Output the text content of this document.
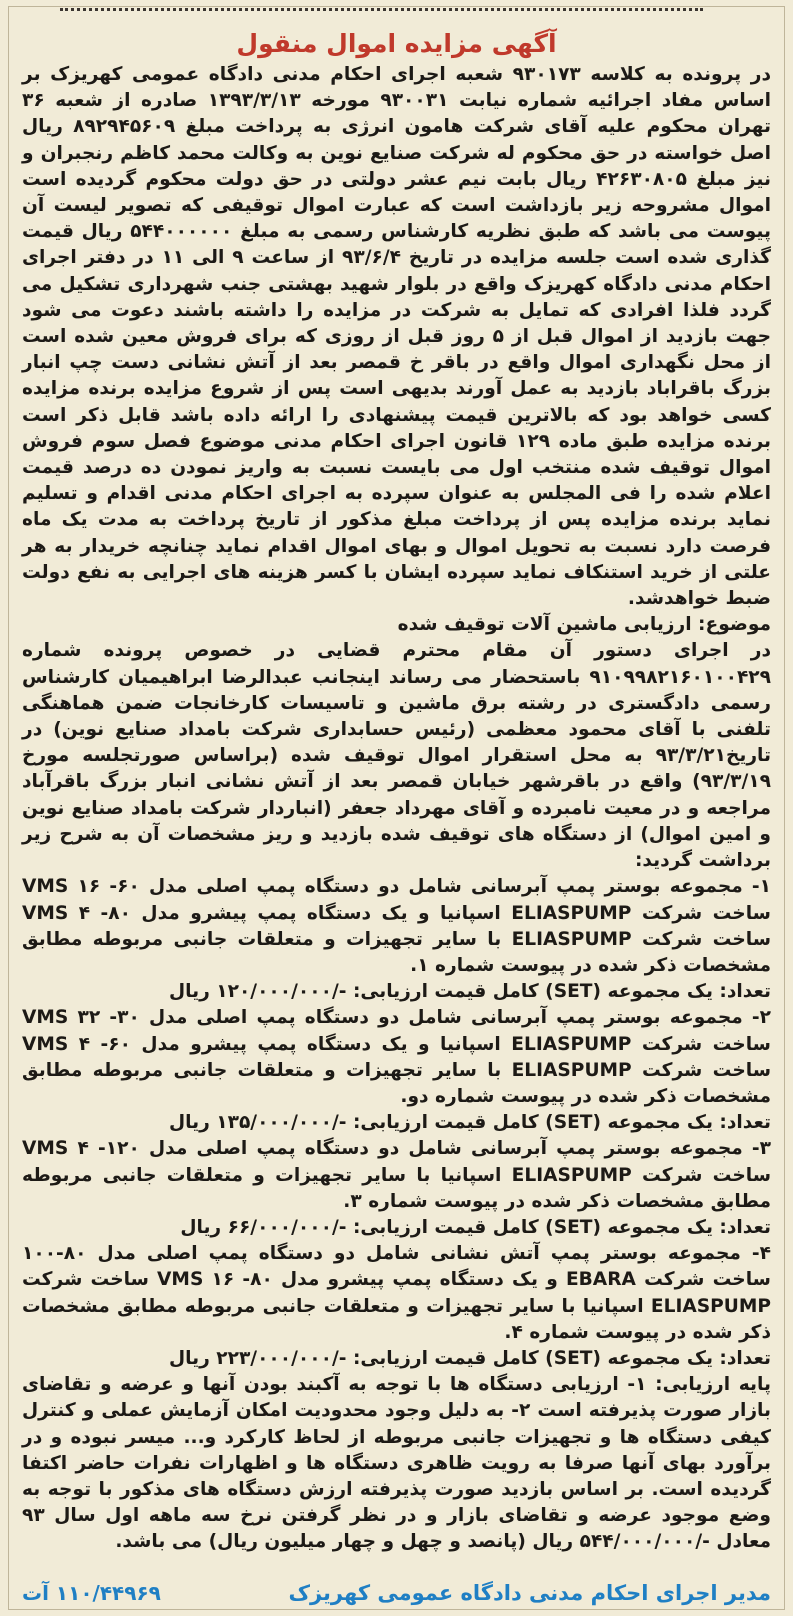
آگهی مزایده اموال منقول

در پرونده به کلاسه ۹۳۰۱۷۳ شعبه اجرای احکام مدنی دادگاه عمومی کهریزک بر اساس مفاد اجرائیه شماره نیابت ۹۳۰۰۳۱ مورخه ۱۳۹۳/۳/۱۳ صادره از شعبه ۳۶ تهران محکوم علیه آقای شرکت هامون انرژی به پرداخت مبلغ ۸۹۲۹۴۵۶۰۹ ریال اصل خواسته در حق محکوم له شرکت صنایع نوین به وکالت محمد کاظم رنجبران و نیز مبلغ ۴۲۶۳۰۸۰۵ ریال بابت نیم عشر دولتی در حق دولت محکوم گردیده است اموال مشروحه زیر بازداشت است که عبارت اموال توقیفی که تصویر لیست آن پیوست می باشد که طبق نظریه کارشناس رسمی به مبلغ ۵۴۴۰۰۰۰۰۰ ریال قیمت گذاری شده است جلسه مزایده در تاریخ ۹۳/۶/۴ از ساعت ۹ الی ۱۱ در دفتر اجرای احکام مدنی دادگاه کهریزک واقع در بلوار شهید بهشتی جنب شهرداری تشکیل می گردد فلذا افرادی که تمایل به شرکت در مزایده را داشته باشند دعوت می شود جهت بازدید از اموال قبل از ۵ روز قبل از روزی که برای فروش معین شده است از محل نگهداری اموال واقع در باقر خ قمصر بعد از آتش نشانی دست چپ انبار بزرگ باقراباد بازدید به عمل آورند بدیهی است پس از شروع مزایده برنده مزایده کسی خواهد بود که بالاترین قیمت پیشنهادی را ارائه داده باشد قابل ذکر است برنده مزایده طبق ماده ۱۲۹ قانون اجرای احکام مدنی موضوع فصل سوم فروش اموال توقیف شده منتخب اول می بایست نسبت به واریز نمودن ده درصد قیمت اعلام شده را فی المجلس به عنوان سپرده به اجرای احکام مدنی اقدام و تسلیم نماید برنده مزایده پس از پرداخت مبلغ مذکور از تاریخ پرداخت به مدت یک ماه فرصت دارد نسبت به تحویل اموال و بهای اموال اقدام نماید چنانچه خریدار به هر علتی از خرید استنکاف نماید سپرده ایشان با کسر هزینه های اجرایی به نفع دولت ضبط خواهدشد.

موضوع: ارزیابی ماشین آلات توقیف شده

در اجرای دستور آن مقام محترم قضایی در خصوص پرونده شماره ۹۱۰۹۹۸۲۱۶۰۱۰۰۴۲۹ باستحضار می رساند اینجانب عبدالرضا ابراهیمیان کارشناس رسمی دادگستری در رشته برق ماشین و تاسیسات کارخانجات ضمن هماهنگی تلفنی با آقای محمود معظمی (رئیس حسابداری شرکت بامداد صنایع نوین) در تاریخ۹۳/۳/۲۱ به محل استقرار اموال توقیف شده (براساس صورتجلسه مورخ ۹۳/۳/۱۹) واقع در باقرشهر خیابان قمصر بعد از آتش نشانی انبار بزرگ باقرآباد مراجعه و در معیت نامبرده و آقای مهرداد جعفر (انباردار شرکت بامداد صنایع نوین و امین اموال) از دستگاه های توقیف شده بازدید و ریز مشخصات آن به شرح زیر برداشت گردید:

۱- مجموعه بوستر پمپ آبرسانی شامل دو دستگاه پمپ اصلی مدل ۶۰- ۱۶ VMS ساخت شرکت ELIASPUMP اسپانیا و یک دستگاه پمپ پیشرو مدل ۸۰- ۴ VMS ساخت شرکت ELIASPUMP با سایر تجهیزات و متعلقات جانبی مربوطه مطابق مشخصات ذکر شده در پیوست شماره ۱.

تعداد: یک مجموعه (SET) کامل قیمت ارزیابی: -/۱۲۰/۰۰۰/۰۰۰ ریال

۲- مجموعه بوستر پمپ آبرسانی شامل دو دستگاه پمپ اصلی مدل ۳۰- ۳۲ VMS ساخت شرکت ELIASPUMP اسپانیا و یک دستگاه پمپ پیشرو مدل ۶۰- ۴ VMS ساخت شرکت ELIASPUMP با سایر تجهیزات و متعلقات جانبی مربوطه مطابق مشخصات ذکر شده در پیوست شماره دو.

تعداد: یک مجموعه (SET) کامل قیمت ارزیابی: -/۱۳۵/۰۰۰/۰۰۰ ریال

۳- مجموعه بوستر پمپ آبرسانی شامل دو دستگاه پمپ اصلی مدل ۱۲۰- ۴ VMS ساخت شرکت ELIASPUMP اسپانیا با سایر تجهیزات و متعلقات جانبی مربوطه مطابق مشخصات ذکر شده در پیوست شماره ۳.

تعداد: یک مجموعه (SET) کامل قیمت ارزیابی: -/۶۶/۰۰۰/۰۰۰ ریال

۴- مجموعه بوستر پمپ آتش نشانی شامل دو دستگاه پمپ اصلی مدل ۸۰-۱۰۰ ساخت شرکت EBARA و یک دستگاه پمپ پیشرو مدل ۸۰- ۱۶ VMS ساخت شرکت ELIASPUMP اسپانیا با سایر تجهیزات و متعلقات جانبی مربوطه مطابق مشخصات ذکر شده در پیوست شماره ۴.

تعداد: یک مجموعه (SET) کامل قیمت ارزیابی: -/۲۲۳/۰۰۰/۰۰۰ ریال

پایه ارزیابی: ۱- ارزیابی دستگاه ها با توجه به آکبند بودن آنها و عرضه و تقاضای بازار صورت پذیرفته است ۲- به دلیل وجود محدودیت امکان آزمایش عملی و کنترل کیفی دستگاه ها و تجهیزات جانبی مربوطه از لحاظ کارکرد و... میسر نبوده و در برآورد بهای آنها صرفا به رویت ظاهری دستگاه ها و اظهارات نفرات حاضر اکتفا گردیده است. بر اساس بازدید صورت پذیرفته ارزش دستگاه های مذکور با توجه به وضع موجود عرضه و تقاضای بازار و در نظر گرفتن نرخ سه ماهه اول سال ۹۳ معادل -/۵۴۴/۰۰۰/۰۰۰ ریال (پانصد و چهل و چهار میلیون ریال) می باشد.

مدیر اجرای احکام مدنی دادگاه عمومی کهریزک
۱۱۰/۴۴۹۶۹ آت
